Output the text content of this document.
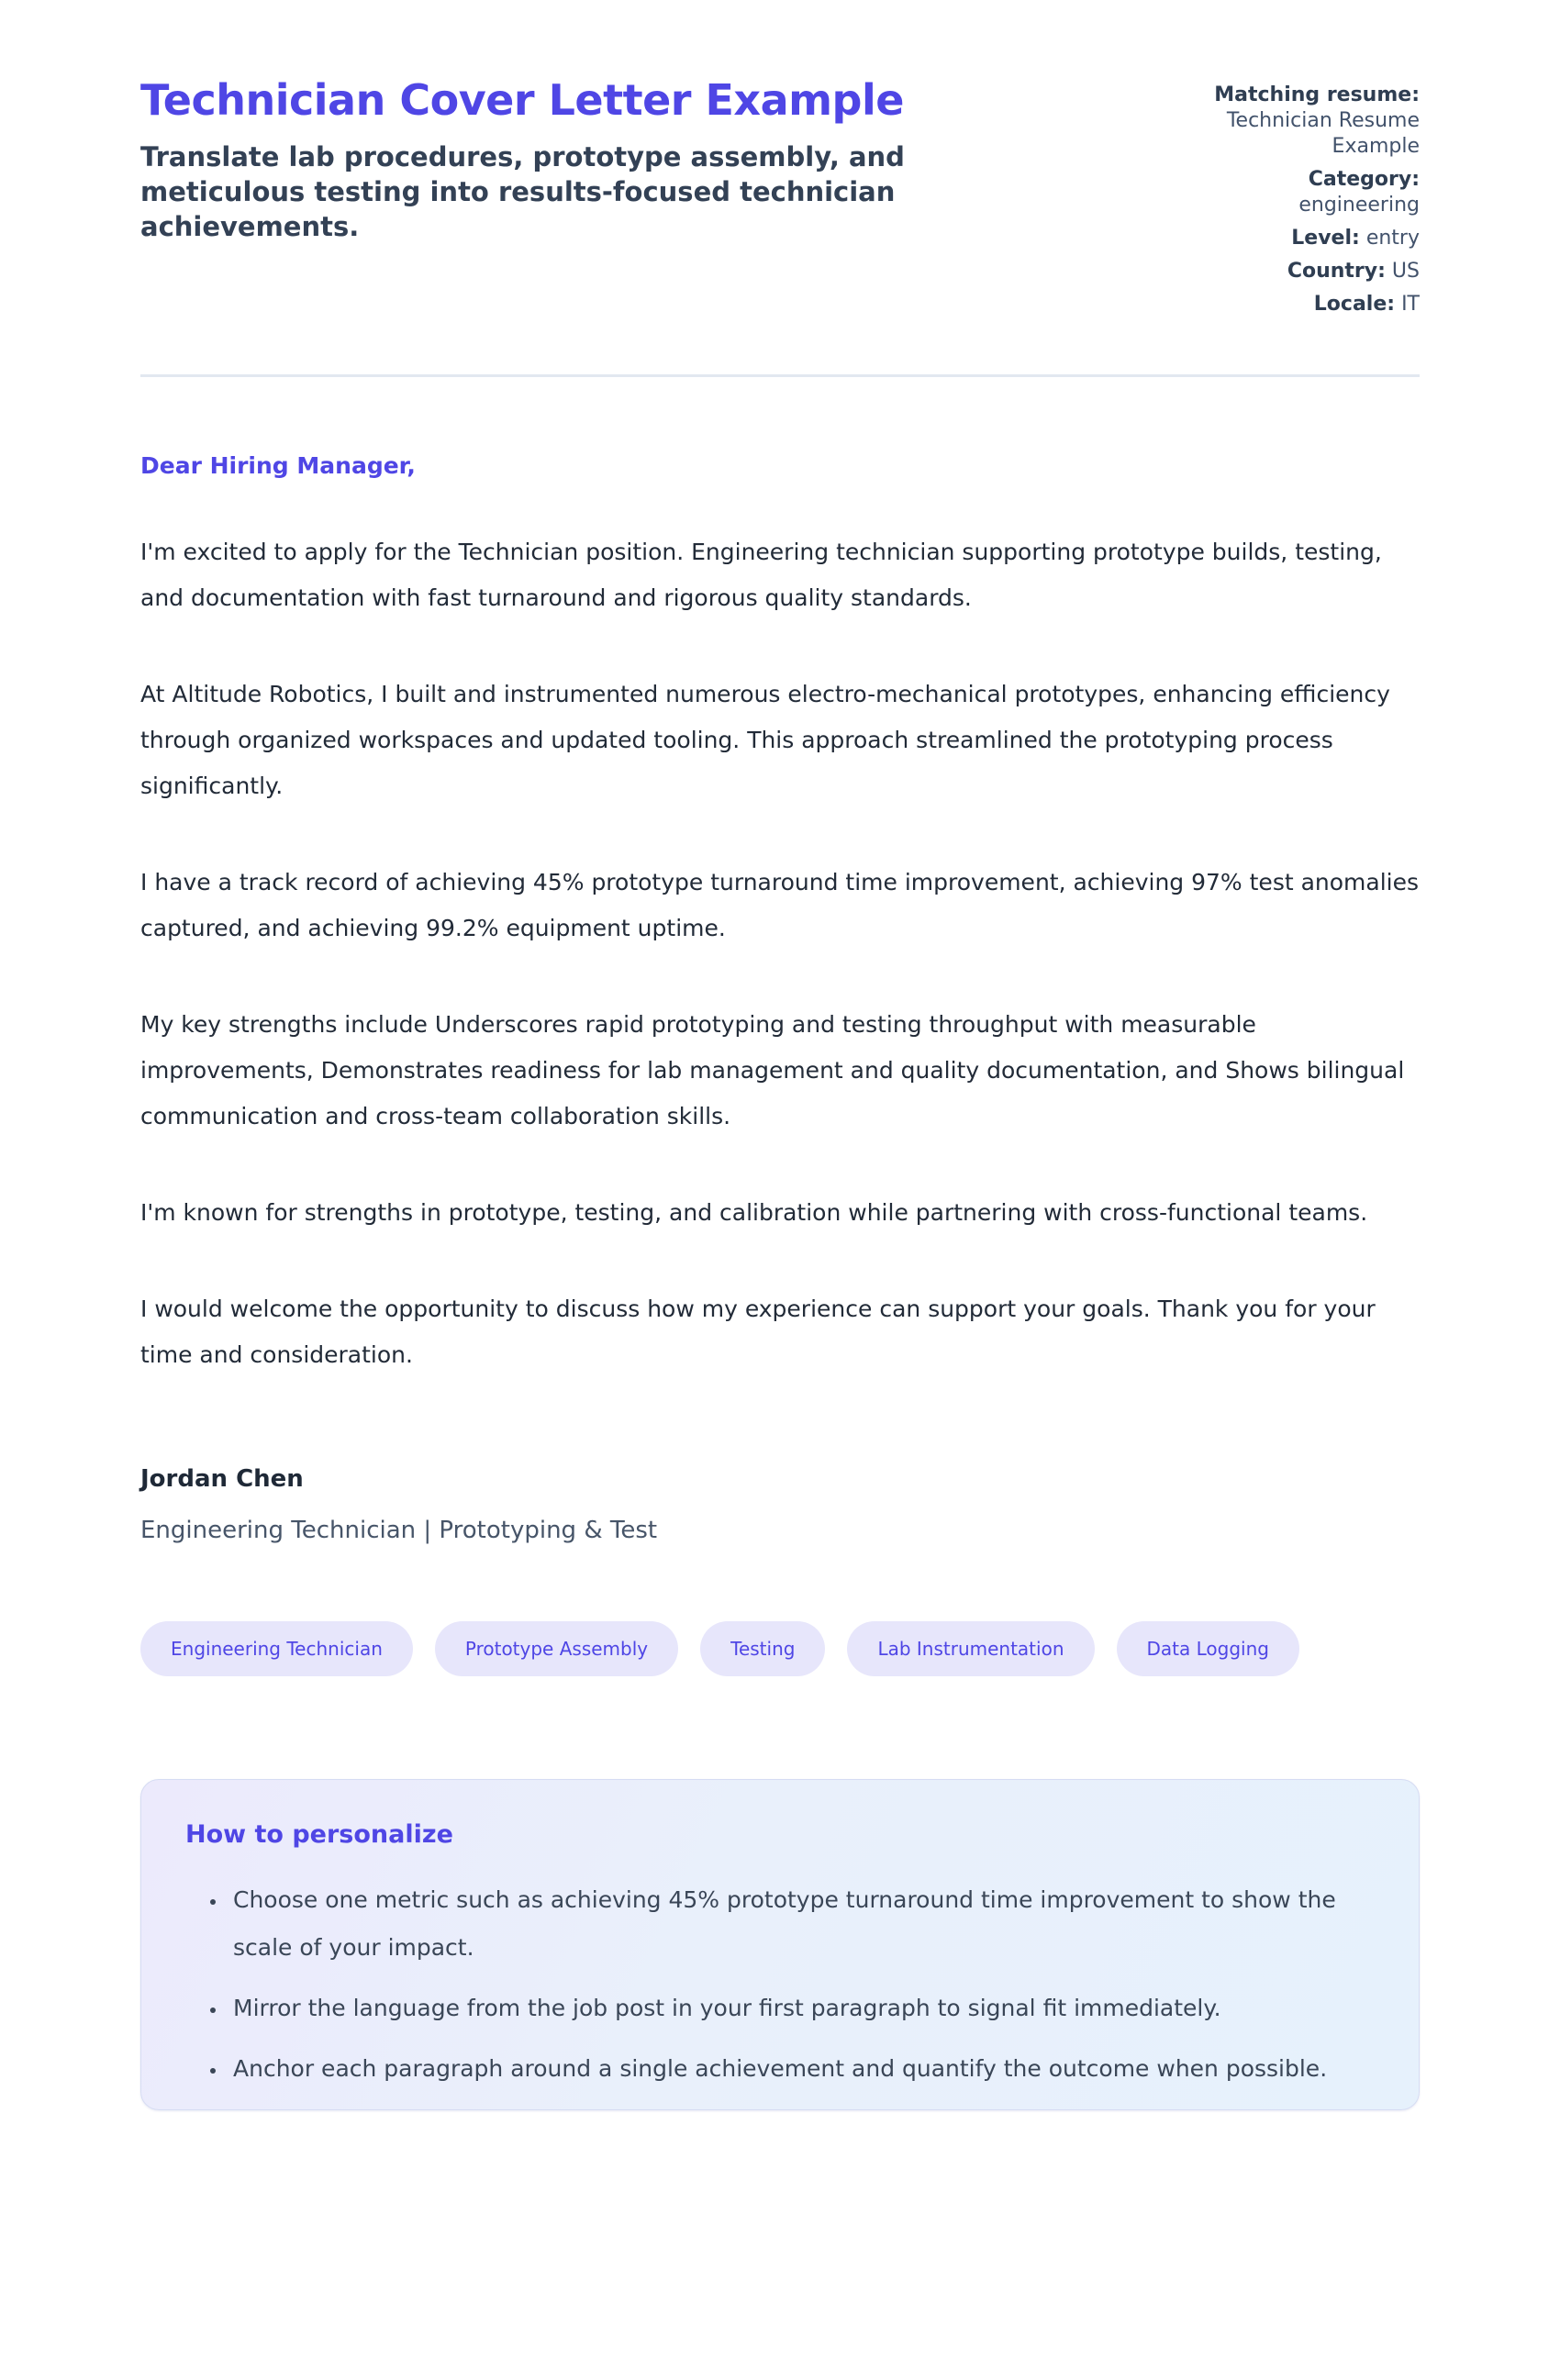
Technician Cover Letter Example

Translate lab procedures, prototype assembly, and meticulous testing into results-focused technician achievements.

Matching resume: Technician Resume Example
Category: engineering
Level: entry
Country: US
Locale: IT

Dear Hiring Manager,

I'm excited to apply for the Technician position. Engineering technician supporting prototype builds, testing, and documentation with fast turnaround and rigorous quality standards.

At Altitude Robotics, I built and instrumented numerous electro-mechanical prototypes, enhancing efficiency through organized workspaces and updated tooling. This approach streamlined the prototyping process significantly.

I have a track record of achieving 45% prototype turnaround time improvement, achieving 97% test anomalies captured, and achieving 99.2% equipment uptime.

My key strengths include Underscores rapid prototyping and testing throughput with measurable improvements, Demonstrates readiness for lab management and quality documentation, and Shows bilingual communication and cross-team collaboration skills.

I'm known for strengths in prototype, testing, and calibration while partnering with cross-functional teams.

I would welcome the opportunity to discuss how my experience can support your goals. Thank you for your time and consideration.

Jordan Chen

Engineering Technician | Prototyping & Test

Engineering Technician	Prototype Assembly	Testing	Lab Instrumentation	Data Logging
How to personalize
• Choose one metric such as achieving 45% prototype turnaround time improvement to show the scale of your impact.
• Mirror the language from the job post in your first paragraph to signal fit immediately.
• Anchor each paragraph around a single achievement and quantify the outcome when possible.
